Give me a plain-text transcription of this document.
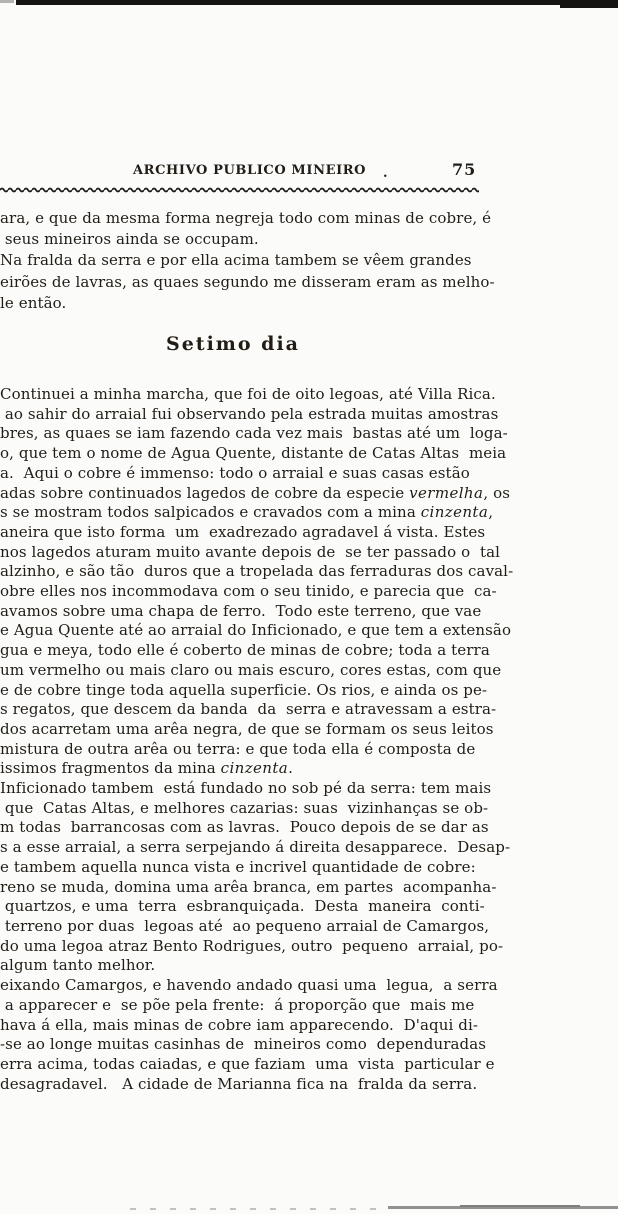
ARCHIVO PUBLICO MINEIRO .	75
ara, e que da mesma forma negreja todo com minas de cobre, é
seus mineiros ainda se occupam.
Na fralda da serra e por ella acima tambem se vêem grandes
eirões de lavras, as quaes segundo me disseram eram as melho-
le então.
Setimo dia
Continuei a minha marcha, que foi de oito legoas, até Villa Rica.
ao sahir do arraial fui observando pela estrada muitas amostras
bres, as quaes se iam fazendo cada vez mais  bastas até um  loga-
o, que tem o nome de Agua Quente, distante de Catas Altas  meia
a.  Aqui o cobre é immenso: todo o arraial e suas casas estão
adas sobre continuados lagedos de cobre da especie vermelha, os
s se mostram todos salpicados e cravados com a mina cinzenta,
aneira que isto forma  um  exadrezado agradavel á vista. Estes
nos lagedos aturam muito avante depois de  se ter passado o  tal
alzinho, e são tão  duros que a tropelada das ferraduras dos caval-
obre elles nos incommodava com o seu tinido, e parecia que  ca-
avamos sobre uma chapa de ferro.  Todo este terreno, que vae
e Agua Quente até ao arraial do Inficionado, e que tem a extensão
gua e meya, todo elle é coberto de minas de cobre; toda a terra
um vermelho ou mais claro ou mais escuro, cores estas, com que
e de cobre tinge toda aquella superficie. Os rios, e ainda os pe-
s regatos, que descem da banda  da  serra e atravessam a estra-
dos acarretam uma arêa negra, de que se formam os seus leitos
mistura de outra arêa ou terra: e que toda ella é composta de
issimos fragmentos da mina cinzenta.
Inficionado tambem  está fundado no sob pé da serra: tem mais
que  Catas Altas, e melhores cazarias: suas  vizinhanças se ob-
m todas  barrancosas com as lavras.  Pouco depois de se dar as
s a esse arraial, a serra serpejando á direita desapparece.  Desap-
e tambem aquella nunca vista e incrivel quantidade de cobre:
reno se muda, domina uma arêa branca, em partes  acompanha-
quartzos, e uma  terra  esbranquiçada.  Desta  maneira  conti-
terreno por duas  legoas até  ao pequeno arraial de Camargos,
do uma legoa atraz Bento Rodrigues, outro  pequeno  arraial, po-
algum tanto melhor.
eixando Camargos, e havendo andado quasi uma  legua,  a serra
a apparecer e  se põe pela frente:  á proporção que  mais me
hava á ella, mais minas de cobre iam apparecendo.  D'aqui di-
-se ao longe muitas casinhas de  mineiros como  dependuradas
erra acima, todas caiadas, e que faziam  uma  vista  particular e
desagradavel.   A cidade de Marianna fica na  fralda da serra.
